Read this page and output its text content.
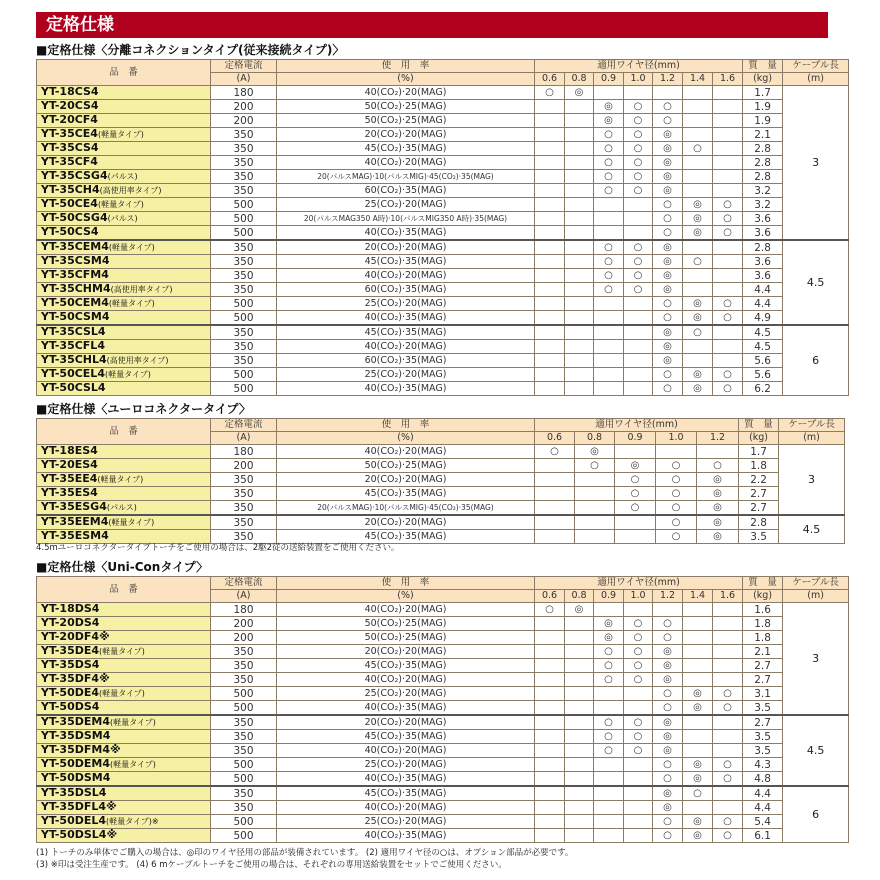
定格仕様
■定格仕様〈分離コネクションタイプ(従来接続タイプ)〉
品　番	定格電流	使　用　率	適用ワイヤ径(mm)							質　量	ケーブル長
	(A)	(%)	0.6	0.8	0.9	1.0	1.2	1.4	1.6	(kg)	(m)
YT-18CS4	180	40(CO₂)·20(MAG)	○	◎						1.7	3
YT-20CS4	200	50(CO₂)·25(MAG)			◎	○	○			1.9	
YT-20CF4	200	50(CO₂)·25(MAG)			◎	○	○			1.9	
YT-35CE4(軽量タイプ)	350	20(CO₂)·20(MAG)			○	○	◎			2.1	
YT-35CS4	350	45(CO₂)·35(MAG)			○	○	◎	○		2.8	
YT-35CF4	350	40(CO₂)·20(MAG)			○	○	◎			2.8	
YT-35CSG4(パルス)	350	20(パルスMAG)·10(パルスMIG)·45(CO₂)·35(MAG)			○	○	◎			2.8	
YT-35CH4(高使用率タイプ)	350	60(CO₂)·35(MAG)			○	○	◎			3.2	
YT-50CE4(軽量タイプ)	500	25(CO₂)·20(MAG)					○	◎	○	3.2	
YT-50CSG4(パルス)	500	20(パルスMAG350 A時)·10(パルスMIG350 A時)·35(MAG)					○	◎	○	3.6	
YT-50CS4	500	40(CO₂)·35(MAG)					○	◎	○	3.6	
YT-35CEM4(軽量タイプ)	350	20(CO₂)·20(MAG)			○	○	◎			2.8	4.5
YT-35CSM4	350	45(CO₂)·35(MAG)			○	○	◎	○		3.6	
YT-35CFM4	350	40(CO₂)·20(MAG)			○	○	◎			3.6	
YT-35CHM4(高使用率タイプ)	350	60(CO₂)·35(MAG)			○	○	◎			4.4	
YT-50CEM4(軽量タイプ)	500	25(CO₂)·20(MAG)					○	◎	○	4.4	
YT-50CSM4	500	40(CO₂)·35(MAG)					○	◎	○	4.9	
YT-35CSL4	350	45(CO₂)·35(MAG)					◎	○		4.5	6
YT-35CFL4	350	40(CO₂)·20(MAG)					◎			4.5	
YT-35CHL4(高使用率タイプ)	350	60(CO₂)·35(MAG)					◎			5.6	
YT-50CEL4(軽量タイプ)	500	25(CO₂)·20(MAG)					○	◎	○	5.6	
YT-50CSL4	500	40(CO₂)·35(MAG)					○	◎	○	6.2	
■定格仕様〈ユーロコネクタータイプ〉
品　番	定格電流	使　用　率	適用ワイヤ径(mm)					質　量	ケーブル長
	(A)	(%)	0.6	0.8	0.9	1.0	1.2	(kg)	(m)
YT-18ES4	180	40(CO₂)·20(MAG)	○	◎				1.7	3
YT-20ES4	200	50(CO₂)·25(MAG)		○	◎	○	○	1.8	
YT-35EE4(軽量タイプ)	350	20(CO₂)·20(MAG)			○	○	◎	2.2	
YT-35ES4	350	45(CO₂)·35(MAG)			○	○	◎	2.7	
YT-35ESG4(パルス)	350	20(パルスMAG)·10(パルスMIG)·45(CO₂)·35(MAG)			○	○	◎	2.7	
YT-35EEM4(軽量タイプ)	350	20(CO₂)·20(MAG)				○	◎	2.8	4.5
YT-35ESM4	350	45(CO₂)·35(MAG)				○	◎	3.5	
4.5mユーロコネクタータイプトーチをご使用の場合は、2駆2従の送給装置をご使用ください。
■定格仕様〈Uni-Conタイプ〉
品　番	定格電流	使　用　率	適用ワイヤ径(mm)							質　量	ケーブル長
	(A)	(%)	0.6	0.8	0.9	1.0	1.2	1.4	1.6	(kg)	(m)
YT-18DS4	180	40(CO₂)·20(MAG)	○	◎						1.6	3
YT-20DS4	200	50(CO₂)·25(MAG)			◎	○	○			1.8	
YT-20DF4※	200	50(CO₂)·25(MAG)			◎	○	○			1.8	
YT-35DE4(軽量タイプ)	350	20(CO₂)·20(MAG)			○	○	◎			2.1	
YT-35DS4	350	45(CO₂)·35(MAG)			○	○	◎			2.7	
YT-35DF4※	350	40(CO₂)·20(MAG)			○	○	◎			2.7	
YT-50DE4(軽量タイプ)	500	25(CO₂)·20(MAG)					○	◎	○	3.1	
YT-50DS4	500	40(CO₂)·35(MAG)					○	◎	○	3.5	
YT-35DEM4(軽量タイプ)	350	20(CO₂)·20(MAG)			○	○	◎			2.7	4.5
YT-35DSM4	350	45(CO₂)·35(MAG)			○	○	◎			3.5	
YT-35DFM4※	350	40(CO₂)·20(MAG)			○	○	◎			3.5	
YT-50DEM4(軽量タイプ)	500	25(CO₂)·20(MAG)					○	◎	○	4.3	
YT-50DSM4	500	40(CO₂)·35(MAG)					○	◎	○	4.8	
YT-35DSL4	350	45(CO₂)·35(MAG)					◎	○		4.4	6
YT-35DFL4※	350	40(CO₂)·20(MAG)					◎			4.4	
YT-50DEL4(軽量タイプ)※	500	25(CO₂)·20(MAG)					○	◎	○	5.4	
YT-50DSL4※	500	40(CO₂)·35(MAG)					○	◎	○	6.1	
(1) トーチのみ単体でご購入の場合は、◎印のワイヤ径用の部品が装備されています。 (2) 適用ワイヤ径の○は、オプション部品が必要です。
(3) ※印は受注生産です。 (4) 6 mケーブルトーチをご使用の場合は、それぞれの専用送給装置をセットでご使用ください。
